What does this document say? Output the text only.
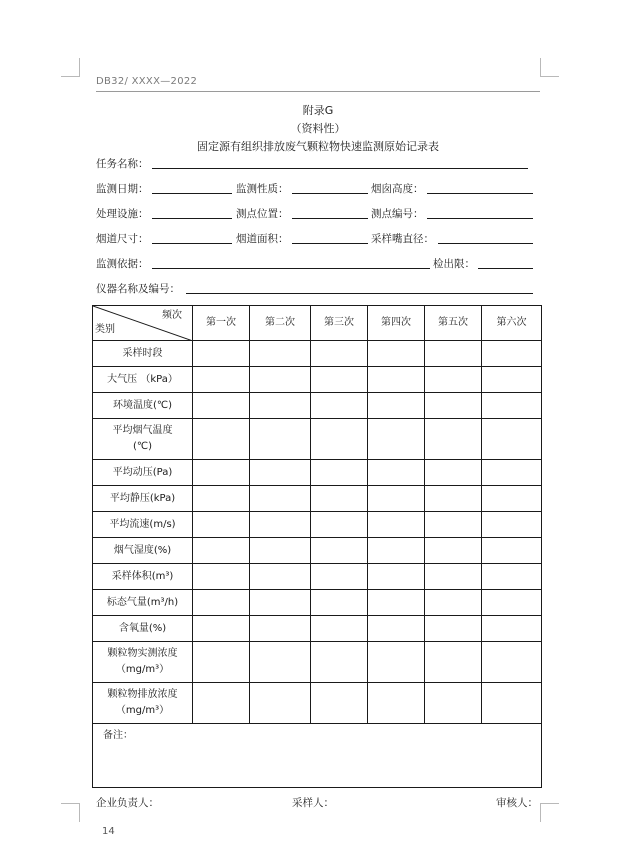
DB32/ XXXX—2022
附录G
（资料性）
固定源有组织排放废气颗粒物快速监测原始记录表
任务名称：
监测日期：	监测性质：	烟囱高度：
处理设施：	测点位置：	测点编号：
烟道尺寸：	烟道面积：	采样嘴直径：
监测依据：	检出限：
仪器名称及编号：
频次
类别	第一次	第二次	第三次	第四次	第五次	第六次

采样时段						

大气压 （kPa）						

环境温度(℃)						

平均烟气温度
(℃)						

平均动压(Pa)						

平均静压(kPa)						

平均流速(m/s)						

烟气湿度(%)						

采样体积(m³)						

标态气量(m³/h)						

含氧量(%)						

颗粒物实测浓度
（mg/m³）						

颗粒物排放浓度
（mg/m³）						

备注：						
企业负责人：	采样人：	审核人：
14
